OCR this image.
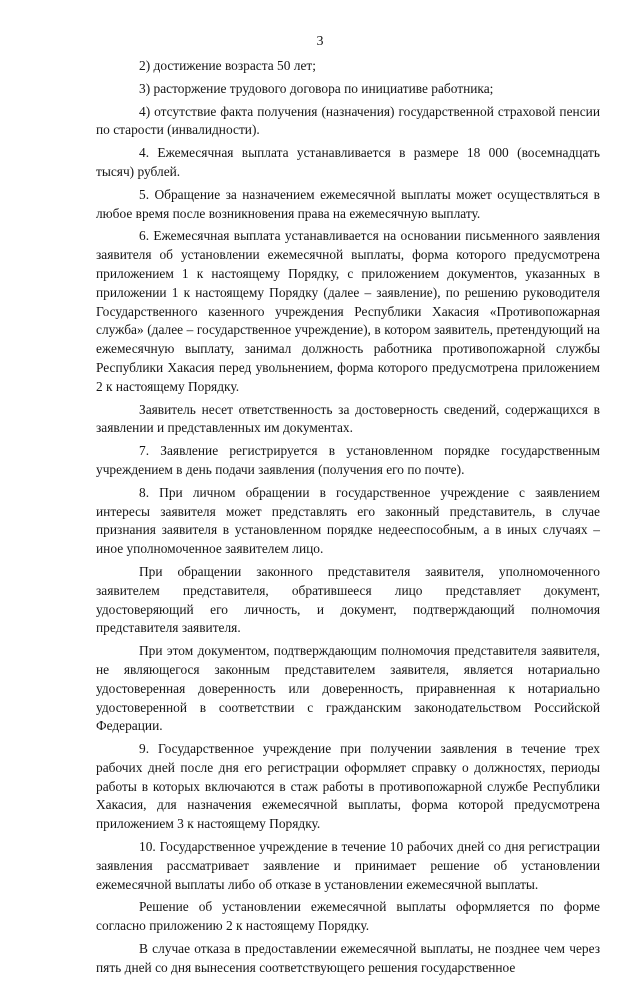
3

2) достижение возраста 50 лет;

3) расторжение трудового договора по инициативе работника;

4) отсутствие факта получения (назначения) государственной страховой пенсии по старости (инвалидности).

4. Ежемесячная выплата устанавливается в размере 18 000 (восемнадцать тысяч) рублей.

5. Обращение за назначением ежемесячной выплаты может осуществляться в любое время после возникновения права на ежемесячную выплату.

6. Ежемесячная выплата устанавливается на основании письменного заявления заявителя об установлении ежемесячной выплаты, форма которого предусмотрена приложением 1 к настоящему Порядку, с приложением документов, указанных в приложении 1 к настоящему Порядку (далее – заявление), по решению руководителя Государственного казенного учреждения Республики Хакасия «Противопожарная служба» (далее – государственное учреждение), в котором заявитель, претендующий на ежемесячную выплату, занимал должность работника противопожарной службы Республики Хакасия перед увольнением, форма которого предусмотрена приложением 2 к настоящему Порядку.

Заявитель несет ответственность за достоверность сведений, содержащихся в заявлении и представленных им документах.

7. Заявление регистрируется в установленном порядке государственным учреждением в день подачи заявления (получения его по почте).

8. При личном обращении в государственное учреждение с заявлением интересы заявителя может представлять его законный представитель, в случае признания заявителя в установленном порядке недееспособным, а в иных случаях – иное уполномоченное заявителем лицо.

При обращении законного представителя заявителя, уполномоченного заявителем представителя, обратившееся лицо представляет документ, удостоверяющий его личность, и документ, подтверждающий полномочия представителя заявителя.

При этом документом, подтверждающим полномочия представителя заявителя, не являющегося законным представителем заявителя, является нотариально удостоверенная доверенность или доверенность, приравненная к нотариально удостоверенной в соответствии с гражданским законодательством Российской Федерации.

9. Государственное учреждение при получении заявления в течение трех рабочих дней после дня его регистрации оформляет справку о должностях, периоды работы в которых включаются в стаж работы в противопожарной службе Республики Хакасия, для назначения ежемесячной выплаты, форма которой предусмотрена приложением 3 к настоящему Порядку.

10. Государственное учреждение в течение 10 рабочих дней со дня регистрации заявления рассматривает заявление и принимает решение об установлении ежемесячной выплаты либо об отказе в установлении ежемесячной выплаты.

Решение об установлении ежемесячной выплаты оформляется по форме согласно приложению 2 к настоящему Порядку.

В случае отказа в предоставлении ежемесячной выплаты, не позднее чем через пять дней со дня вынесения соответствующего решения государственное
